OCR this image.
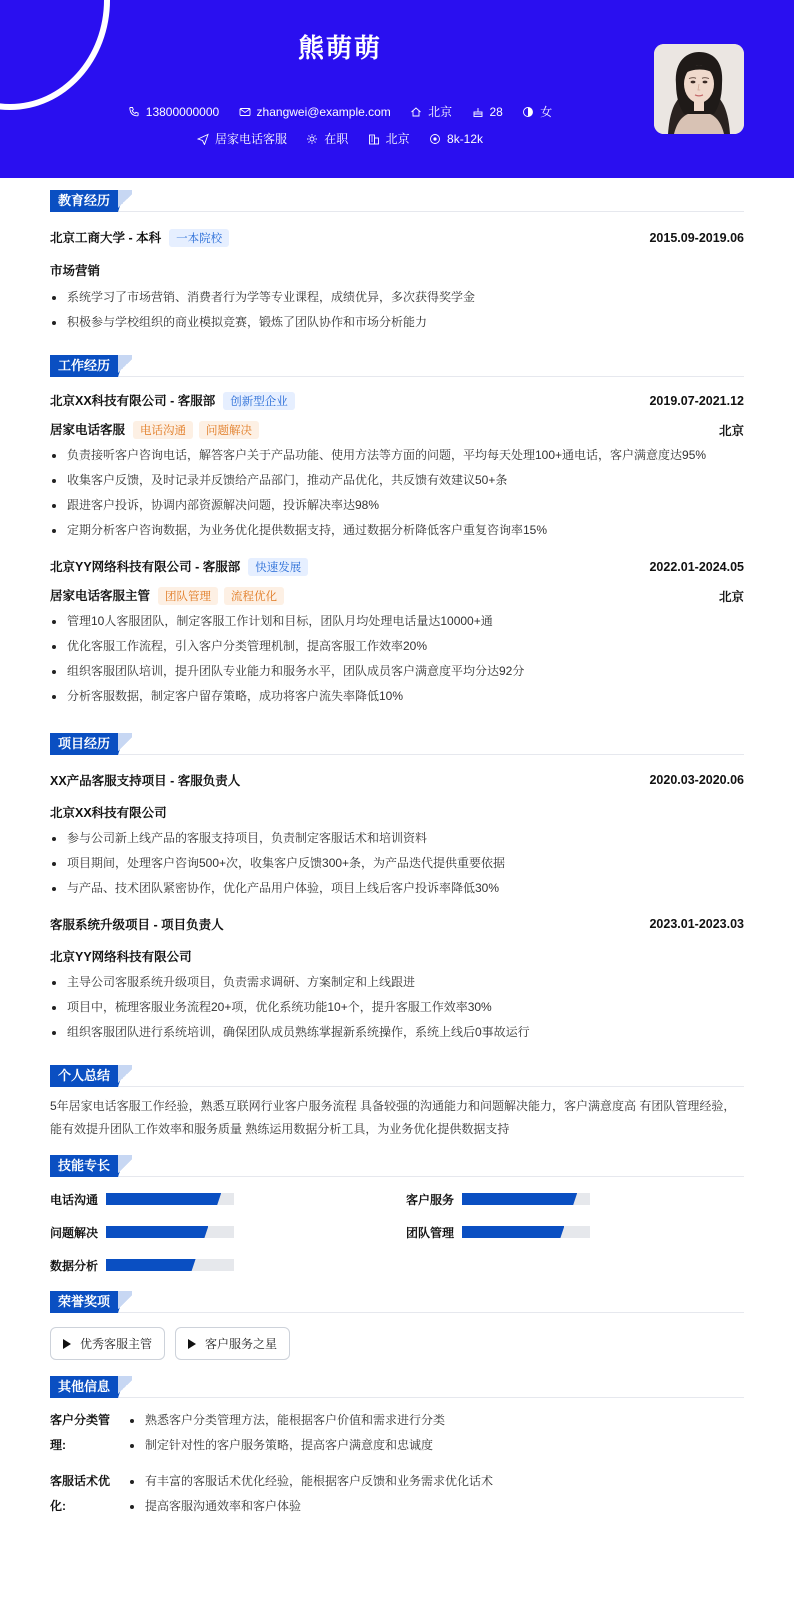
熊萌萌
13800000000	zhangwei@example.com	北京	28	女
居家电话客服	在职	北京	8k-12k
教育经历
北京工商大学 - 本科 一本院校	2015.09-2019.06
市场营销
系统学习了市场营销、消费者行为学等专业课程，成绩优异，多次获得奖学金
积极参与学校组织的商业模拟竞赛，锻炼了团队协作和市场分析能力
工作经历
北京XX科技有限公司 - 客服部 创新型企业	2019.07-2021.12
居家电话客服 电话沟通 问题解决	北京
负责接听客户咨询电话，解答客户关于产品功能、使用方法等方面的问题，平均每天处理100+通电话，客户满意度达95%
收集客户反馈，及时记录并反馈给产品部门，推动产品优化，共反馈有效建议50+条
跟进客户投诉，协调内部资源解决问题，投诉解决率达98%
定期分析客户咨询数据，为业务优化提供数据支持，通过数据分析降低客户重复咨询率15%
北京YY网络科技有限公司 - 客服部 快速发展	2022.01-2024.05
居家电话客服主管 团队管理 流程优化	北京
管理10人客服团队，制定客服工作计划和目标，团队月均处理电话量达10000+通
优化客服工作流程，引入客户分类管理机制，提高客服工作效率20%
组织客服团队培训，提升团队专业能力和服务水平，团队成员客户满意度平均分达92分
分析客服数据，制定客户留存策略，成功将客户流失率降低10%
项目经历
XX产品客服支持项目 - 客服负责人	2020.03-2020.06
北京XX科技有限公司
参与公司新上线产品的客服支持项目，负责制定客服话术和培训资料
项目期间，处理客户咨询500+次，收集客户反馈300+条，为产品迭代提供重要依据
与产品、技术团队紧密协作，优化产品用户体验，项目上线后客户投诉率降低30%
客服系统升级项目 - 项目负责人	2023.01-2023.03
北京YY网络科技有限公司
主导公司客服系统升级项目，负责需求调研、方案制定和上线跟进
项目中，梳理客服业务流程20+项，优化系统功能10+个，提升客服工作效率30%
组织客服团队进行系统培训，确保团队成员熟练掌握新系统操作，系统上线后0事故运行
个人总结

5年居家电话客服工作经验，熟悉互联网行业客户服务流程 具备较强的沟通能力和问题解决能力，客户满意度高 有团队管理经验，能有效提升团队工作效率和服务质量 熟练运用数据分析工具，为业务优化提供数据支持

技能专长
电话沟通	客户服务
问题解决	团队管理
数据分析
荣誉奖项
优秀客服主管	客户服务之星
其他信息
客户分类管理:
熟悉客户分类管理方法，能根据客户价值和需求进行分类
制定针对性的客户服务策略，提高客户满意度和忠诚度
客服话术优化:
有丰富的客服话术优化经验，能根据客户反馈和业务需求优化话术
提高客服沟通效率和客户体验
